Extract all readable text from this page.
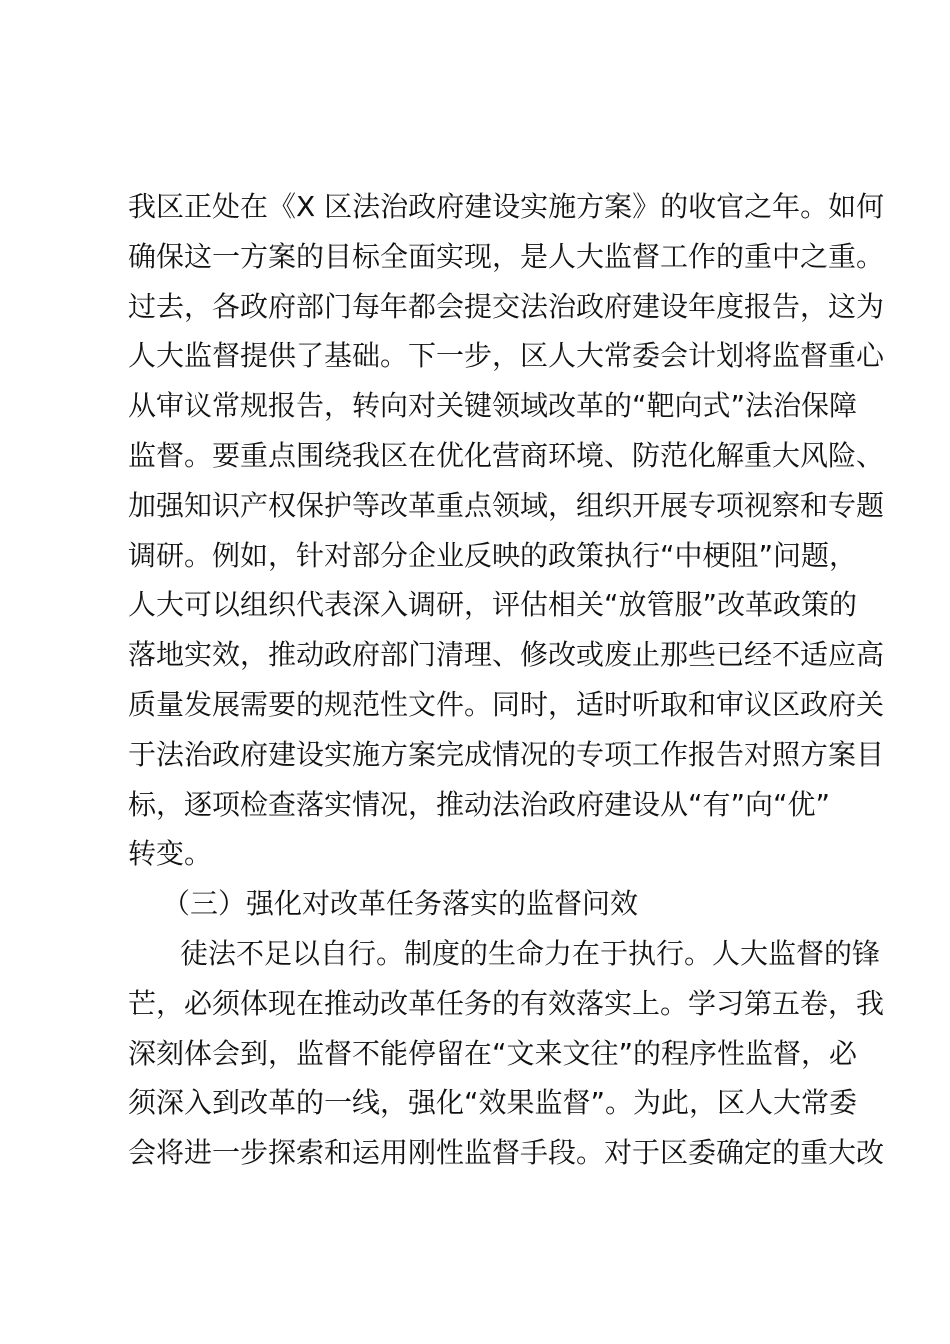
我区正处在《X 区法治政府建设实施方案》的收官之年。如何
确保这一方案的目标全面实现，是人大监督工作的重中之重。
过去，各政府部门每年都会提交法治政府建设年度报告，这为
人大监督提供了基础。下一步，区人大常委会计划将监督重心
从审议常规报告，转向对关键领域改革的“靶向式”法治保障
监督。要重点围绕我区在优化营商环境、防范化解重大风险、
加强知识产权保护等改革重点领域，组织开展专项视察和专题
调研。例如，针对部分企业反映的政策执行“中梗阻”问题，
人大可以组织代表深入调研，评估相关“放管服”改革政策的
落地实效，推动政府部门清理、修改或废止那些已经不适应高
质量发展需要的规范性文件。同时，适时听取和审议区政府关
于法治政府建设实施方案完成情况的专项工作报告对照方案目
标，逐项检查落实情况，推动法治政府建设从“有”向“优”
转变。
（三）强化对改革任务落实的监督问效
徒法不足以自行。制度的生命力在于执行。人大监督的锋
芒，必须体现在推动改革任务的有效落实上。学习第五卷，我
深刻体会到，监督不能停留在“文来文往”的程序性监督，必
须深入到改革的一线，强化“效果监督”。为此，区人大常委
会将进一步探索和运用刚性监督手段。对于区委确定的重大改
